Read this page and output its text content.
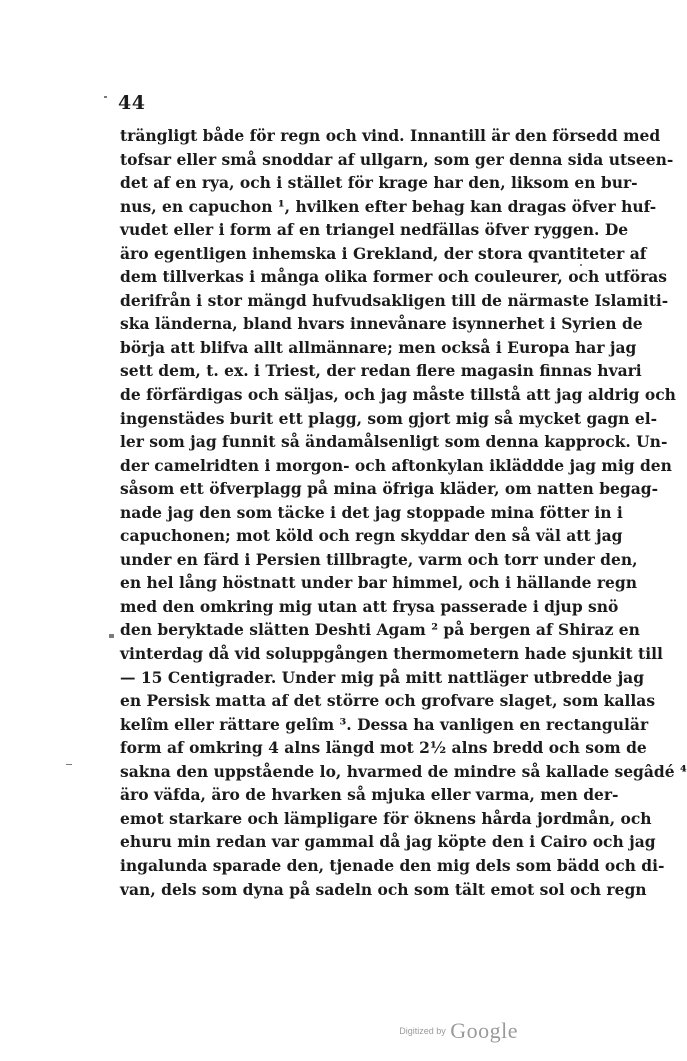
44
trängligt både för regn och vind. Innantill är den försedd med
tofsar eller små snoddar af ullgarn, som ger denna sida utseen-
det af en rya, och i stället för krage har den, liksom en bur-
nus, en capuchon ¹, hvilken efter behag kan dragas öfver huf-
vudet eller i form af en triangel nedfällas öfver ryggen. De
äro egentligen inhemska i Grekland, der stora qvantiteter af
dem tillverkas i många olika former och couleurer, och utföras
derifrån i stor mängd hufvudsakligen till de närmaste Islamiti-
ska länderna, bland hvars innevånare isynnerhet i Syrien de
börja att blifva allt allmännare; men också i Europa har jag
sett dem, t. ex. i Triest, der redan flere magasin finnas hvari
de förfärdigas och säljas, och jag måste tillstå att jag aldrig och
ingenstädes burit ett plagg, som gjort mig så mycket gagn el-
ler som jag funnit så ändamålsenligt som denna kapprock. Un-
der camelridten i morgon- och aftonkylan ikläddde jag mig den
såsom ett öfverplagg på mina öfriga kläder, om natten begag-
nade jag den som täcke i det jag stoppade mina fötter in i
capuchonen; mot köld och regn skyddar den så väl att jag
under en färd i Persien tillbragte, varm och torr under den,
en hel lång höstnatt under bar himmel, och i hällande regn
med den omkring mig utan att frysa passerade i djup snö
den beryktade slätten Deshti Agam ² på bergen af Shiraz en
vinterdag då vid soluppgången thermometern hade sjunkit till
— 15 Centigrader. Under mig på mitt nattläger utbredde jag
en Persisk matta af det större och grofvare slaget, som kallas
kelîm eller rättare gelîm ³. Dessa ha vanligen en rectangulär
form af omkring 4 alns längd mot 2½ alns bredd och som de
sakna den uppstående lo, hvarmed de mindre så kallade segâdé ⁴
äro väfda, äro de hvarken så mjuka eller varma, men der-
emot starkare och lämpligare för öknens hårda jordmån, och
ehuru min redan var gammal då jag köpte den i Cairo och jag
ingalunda sparade den, tjenade den mig dels som bädd och di-
van, dels som dyna på sadeln och som tält emot sol och regn
Digitized by Google
